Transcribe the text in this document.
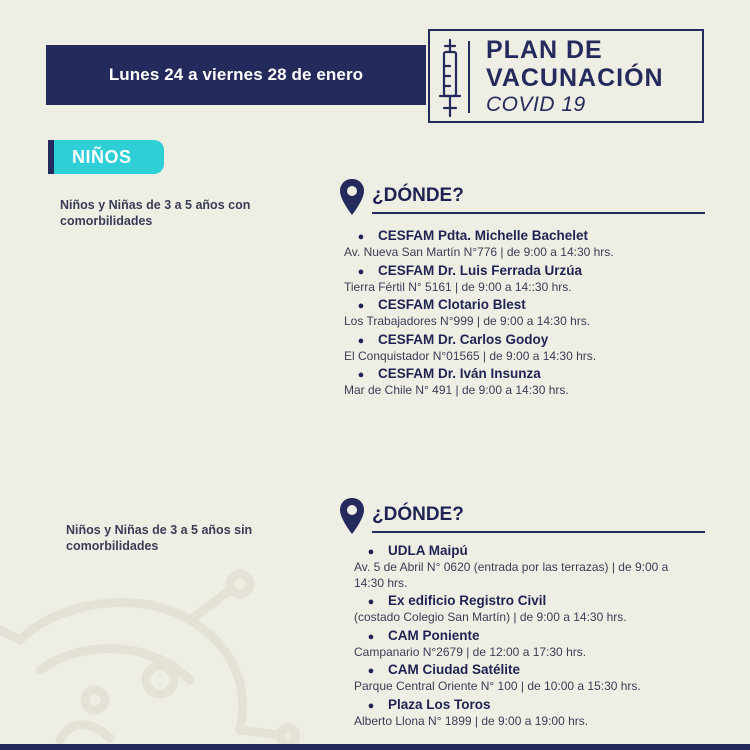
Lunes 24 a viernes 28 de enero
PLAN DE
VACUNACIÓN
COVID 19
NIÑOS
Niños y Niñas de 3 a 5 años con comorbilidades
¿DÓNDE?
● CESFAM Pdta. Michelle Bachelet
Av. Nueva San Martín N°776 | de 9:00 a 14:30 hrs.
● CESFAM Dr. Luis Ferrada Urzúa
Tierra Fértil N° 5161 | de 9:00 a 14::30 hrs.
● CESFAM Clotario Blest
Los Trabajadores N°999 | de 9:00 a 14:30 hrs.
● CESFAM Dr. Carlos Godoy
El Conquistador N°01565 | de 9:00 a 14:30 hrs.
● CESFAM Dr. Iván Insunza
Mar de Chile N° 491 | de 9:00 a 14:30 hrs.
Niños y Niñas de 3 a 5 años sin comorbilidades
¿DÓNDE?
● UDLA Maipú
Av. 5 de Abril N° 0620 (entrada por las terrazas) | de 9:00 a 14:30 hrs.
● Ex edificio Registro Civil
(costado Colegio San Martín) | de 9:00 a 14:30 hrs.
● CAM Poniente
Campanario N°2679 | de 12:00 a 17:30 hrs.
● CAM Ciudad Satélite
Parque Central Oriente N° 100 | de 10:00 a 15:30 hrs.
● Plaza Los Toros
Alberto Llona N° 1899 | de 9:00 a 19:00 hrs.
